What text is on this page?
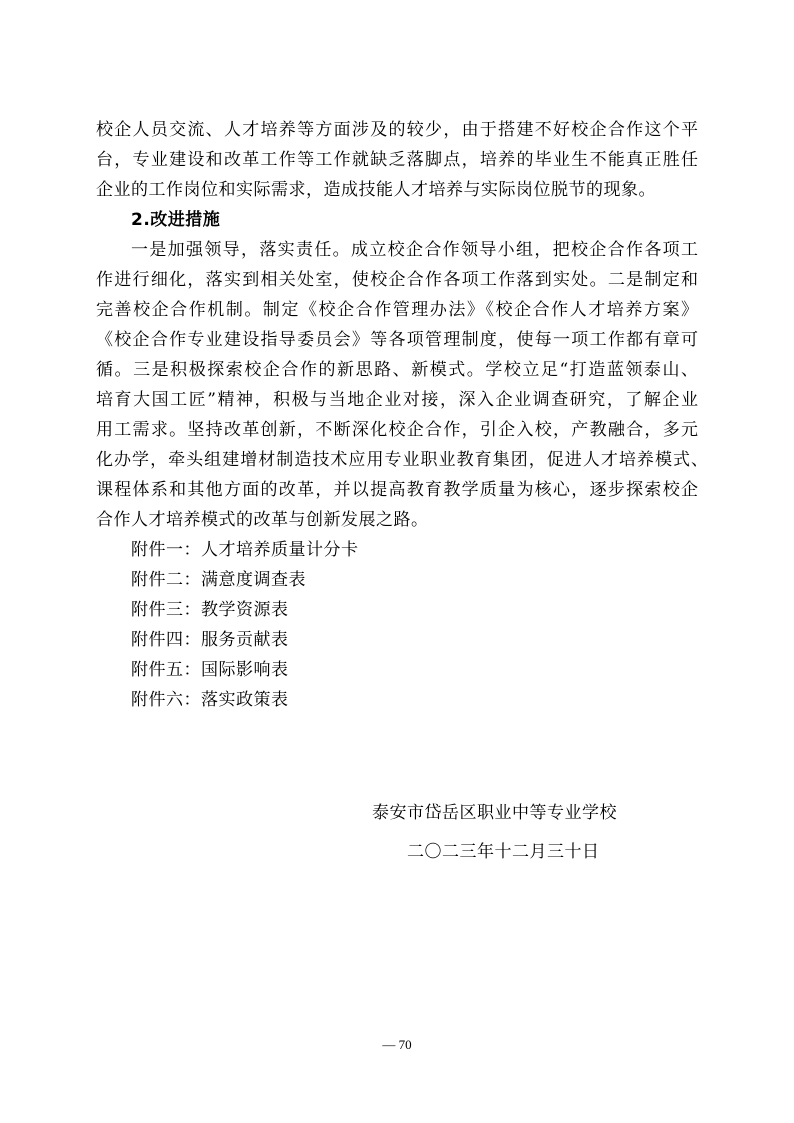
校企人员交流、人才培养等方面涉及的较少，由于搭建不好校企合作这个平
台，专业建设和改革工作等工作就缺乏落脚点，培养的毕业生不能真正胜任
企业的工作岗位和实际需求，造成技能人才培养与实际岗位脱节的现象。
2.改进措施
一是加强领导，落实责任。成立校企合作领导小组，把校企合作各项工
作进行细化，落实到相关处室，使校企合作各项工作落到实处。二是制定和
完善校企合作机制。制定《校企合作管理办法》《校企合作人才培养方案》
《校企合作专业建设指导委员会》等各项管理制度，使每一项工作都有章可
循。三是积极探索校企合作的新思路、新模式。学校立足“打造蓝领泰山、
培育大国工匠”精神，积极与当地企业对接，深入企业调查研究，了解企业
用工需求。坚持改革创新，不断深化校企合作，引企入校，产教融合，多元
化办学，牵头组建增材制造技术应用专业职业教育集团，促进人才培养模式、
课程体系和其他方面的改革，并以提高教育教学质量为核心，逐步探索校企
合作人才培养模式的改革与创新发展之路。
附件一：人才培养质量计分卡
附件二：满意度调查表
附件三：教学资源表
附件四：服务贡献表
附件五：国际影响表
附件六：落实政策表
泰安市岱岳区职业中等专业学校
二〇二三年十二月三十日
— 70
